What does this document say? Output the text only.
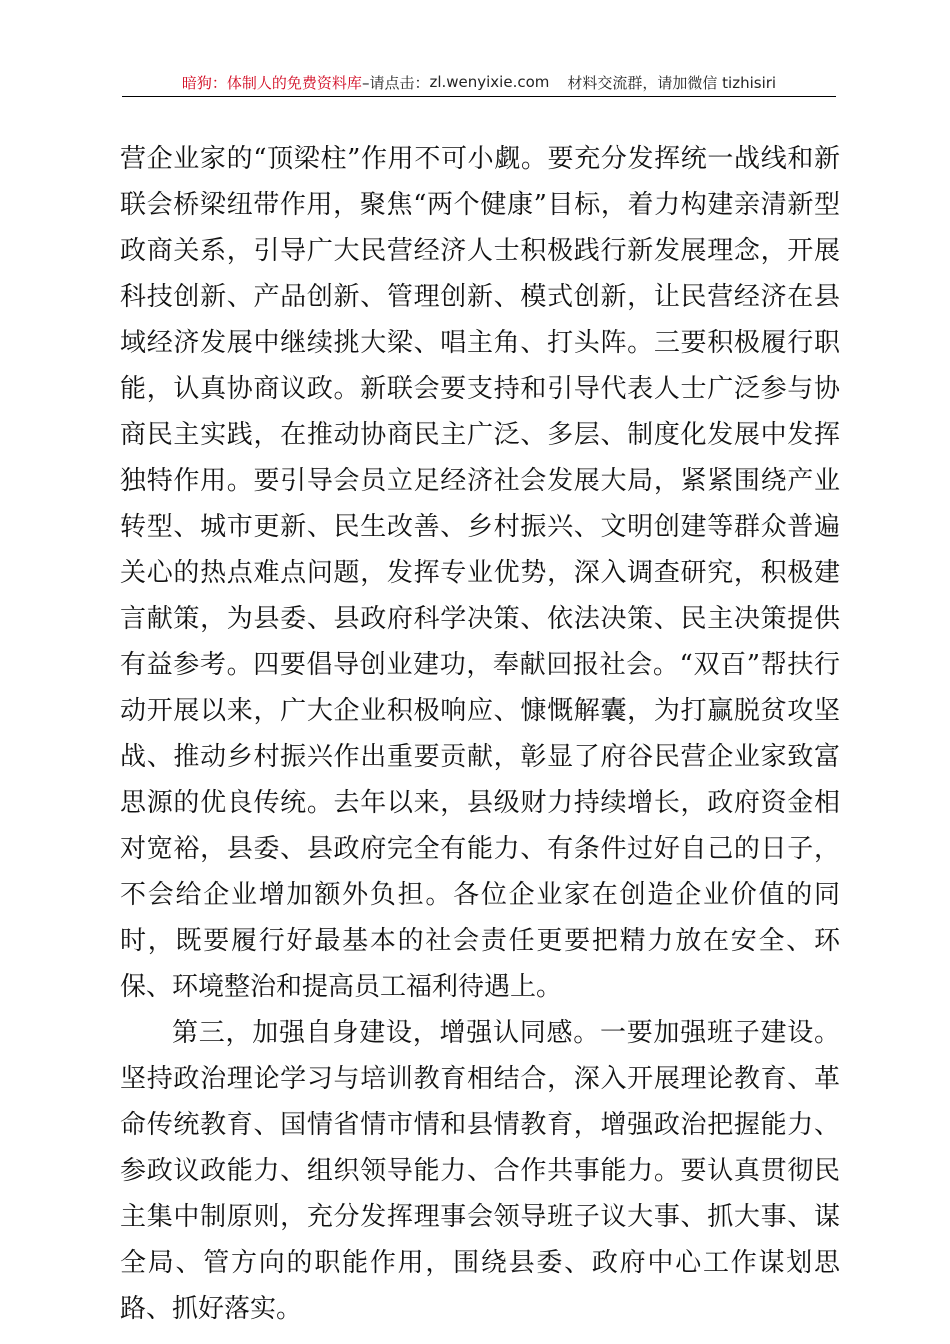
暗狗：体制人的免费资料库 –请点击： zl.wenyixie.com 材料交流群，请加微信 tizhisiri

营企业家的“顶梁柱”作用不可小觑。要充分发挥统一战线和新联会桥梁纽带作用，聚焦“两个健康”目标，着力构建亲清新型政商关系，引导广大民营经济人士积极践行新发展理念，开展科技创新、产品创新、管理创新、模式创新，让民营经济在县域经济发展中继续挑大梁、唱主角、打头阵。三要积极履行职能，认真协商议政。新联会要支持和引导代表人士广泛参与协商民主实践，在推动协商民主广泛、多层、制度化发展中发挥独特作用。要引导会员立足经济社会发展大局，紧紧围绕产业转型、城市更新、民生改善、乡村振兴、文明创建等群众普遍关心的热点难点问题，发挥专业优势，深入调查研究，积极建言献策，为县委、县政府科学决策、依法决策、民主决策提供有益参考。四要倡导创业建功，奉献回报社会。“双百”帮扶行动开展以来，广大企业积极响应、慷慨解囊，为打赢脱贫攻坚战、推动乡村振兴作出重要贡献，彰显了府谷民营企业家致富思源的优良传统。去年以来，县级财力持续增长，政府资金相对宽裕，县委、县政府完全有能力、有条件过好自己的日子，不会给企业增加额外负担。各位企业家在创造企业价值的同时，既要履行好最基本的社会责任更要把精力放在安全、环保、环境整治和提高员工福利待遇上。

第三，加强自身建设，增强认同感。一要加强班子建设。坚持政治理论学习与培训教育相结合，深入开展理论教育、革命传统教育、国情省情市情和县情教育，增强政治把握能力、参政议政能力、组织领导能力、合作共事能力。要认真贯彻民主集中制原则，充分发挥理事会领导班子议大事、抓大事、谋全局、管方向的职能作用，围绕县委、政府中心工作谋划思路、抓好落实。
